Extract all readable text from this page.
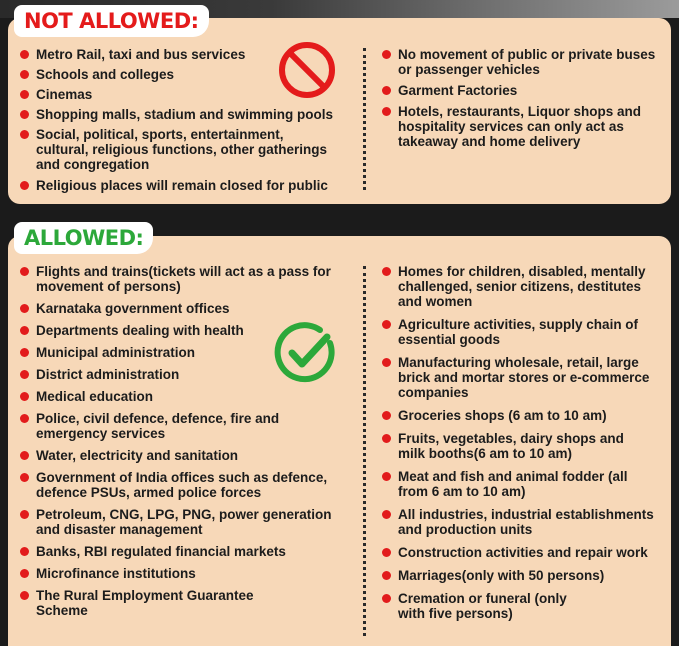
NOT ALLOWED:
Metro Rail, taxi and bus services
Schools and colleges
Cinemas
Shopping malls, stadium and swimming pools
Social, political, sports, entertainment, cultural, religious functions, other gatherings and congregation
Religious places will remain closed for public
No movement of public or private buses or passenger vehicles
Garment Factories
Hotels, restaurants, Liquor shops and hospitality services can only act as takeaway and home delivery
ALLOWED:
Flights and trains(tickets will act as a pass for movement of persons)
Karnataka government offices
Departments dealing with health
Municipal administration
District administration
Medical education
Police, civil defence, defence, fire and emergency services
Water, electricity and sanitation
Government of India offices such as defence, defence PSUs, armed police forces
Petroleum, CNG, LPG, PNG, power generation and disaster management
Banks, RBI regulated financial markets
Microfinance institutions
The Rural Employment Guarantee Scheme
Homes for children, disabled, mentally challenged, senior citizens, destitutes and women
Agriculture activities, supply chain of essential goods
Manufacturing wholesale, retail, large brick and mortar stores or e-commerce companies
Groceries shops (6 am to 10 am)
Fruits, vegetables, dairy shops and milk booths(6 am to 10 am)
Meat and fish and animal fodder (all from 6 am to 10 am)
All industries, industrial establishments and production units
Construction activities and repair work
Marriages(only with 50 persons)
Cremation or funeral (only with five persons)
